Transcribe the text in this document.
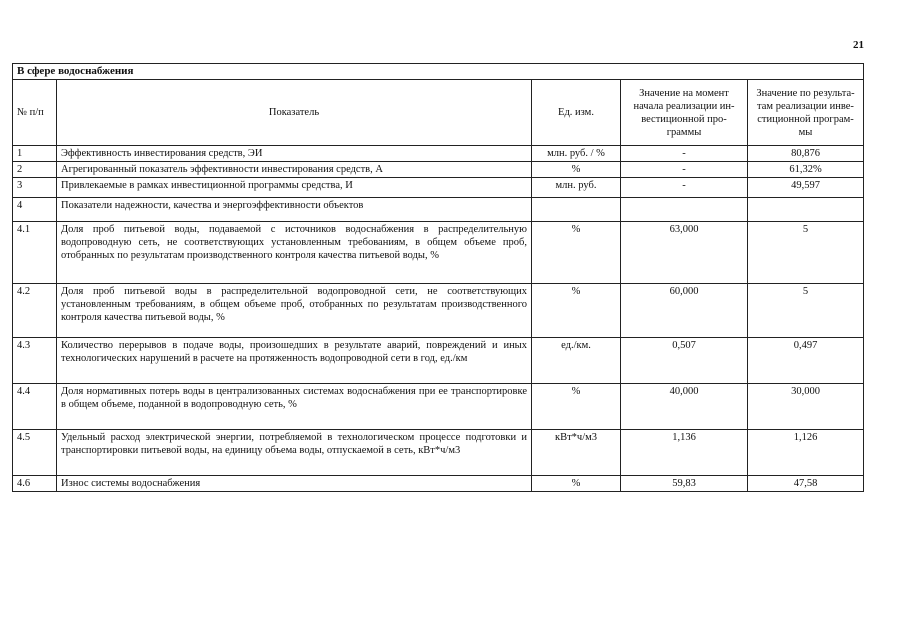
21
В сфере водоснабжения				
№ п/п	Показатель	Ед. изм.	Значение на момент начала реализации ин-вестиционной про-граммы	Значение по результа-там реализации инве-стиционной програм-мы
1	Эффективность инвестирования средств, ЭИ	млн. руб. / %	-	80,876
2	Агрегированный показатель эффективности инвестирования средств, А	%	-	61,32%
3	Привлекаемые в рамках инвестиционной программы средства, И	млн. руб.	-	49,597
4	Показатели надежности, качества и энергоэффективности объектов			
4.1	Доля проб питьевой воды, подаваемой с источников водоснабжения в распределительную водопроводную сеть, не соответствующих установленным требованиям, в общем объеме проб, отобранных по результатам производственного контроля качества питьевой воды, %	%	63,000	5
4.2	Доля проб питьевой воды в распределительной водопроводной сети, не соответствующих установленным требованиям, в общем объеме проб, отобранных по результатам производственного контроля качества питьевой воды, %	%	60,000	5
4.3	Количество перерывов в подаче воды, произошедших в результате аварий, повреждений и иных технологических нарушений в расчете на протяженность водопроводной сети в год, ед./км	ед./км.	0,507	0,497
4.4	Доля нормативных потерь воды в централизованных системах водоснабжения при ее транспортировке в общем объеме, поданной в водопроводную сеть, %	%	40,000	30,000
4.5	Удельный расход электрической энергии, потребляемой в технологическом процессе подготовки и транспортировки питьевой воды, на единицу объема воды, отпускаемой в сеть, кВт*ч/м3	кВт*ч/м3	1,136	1,126
4.6	Износ системы водоснабжения	%	59,83	47,58
